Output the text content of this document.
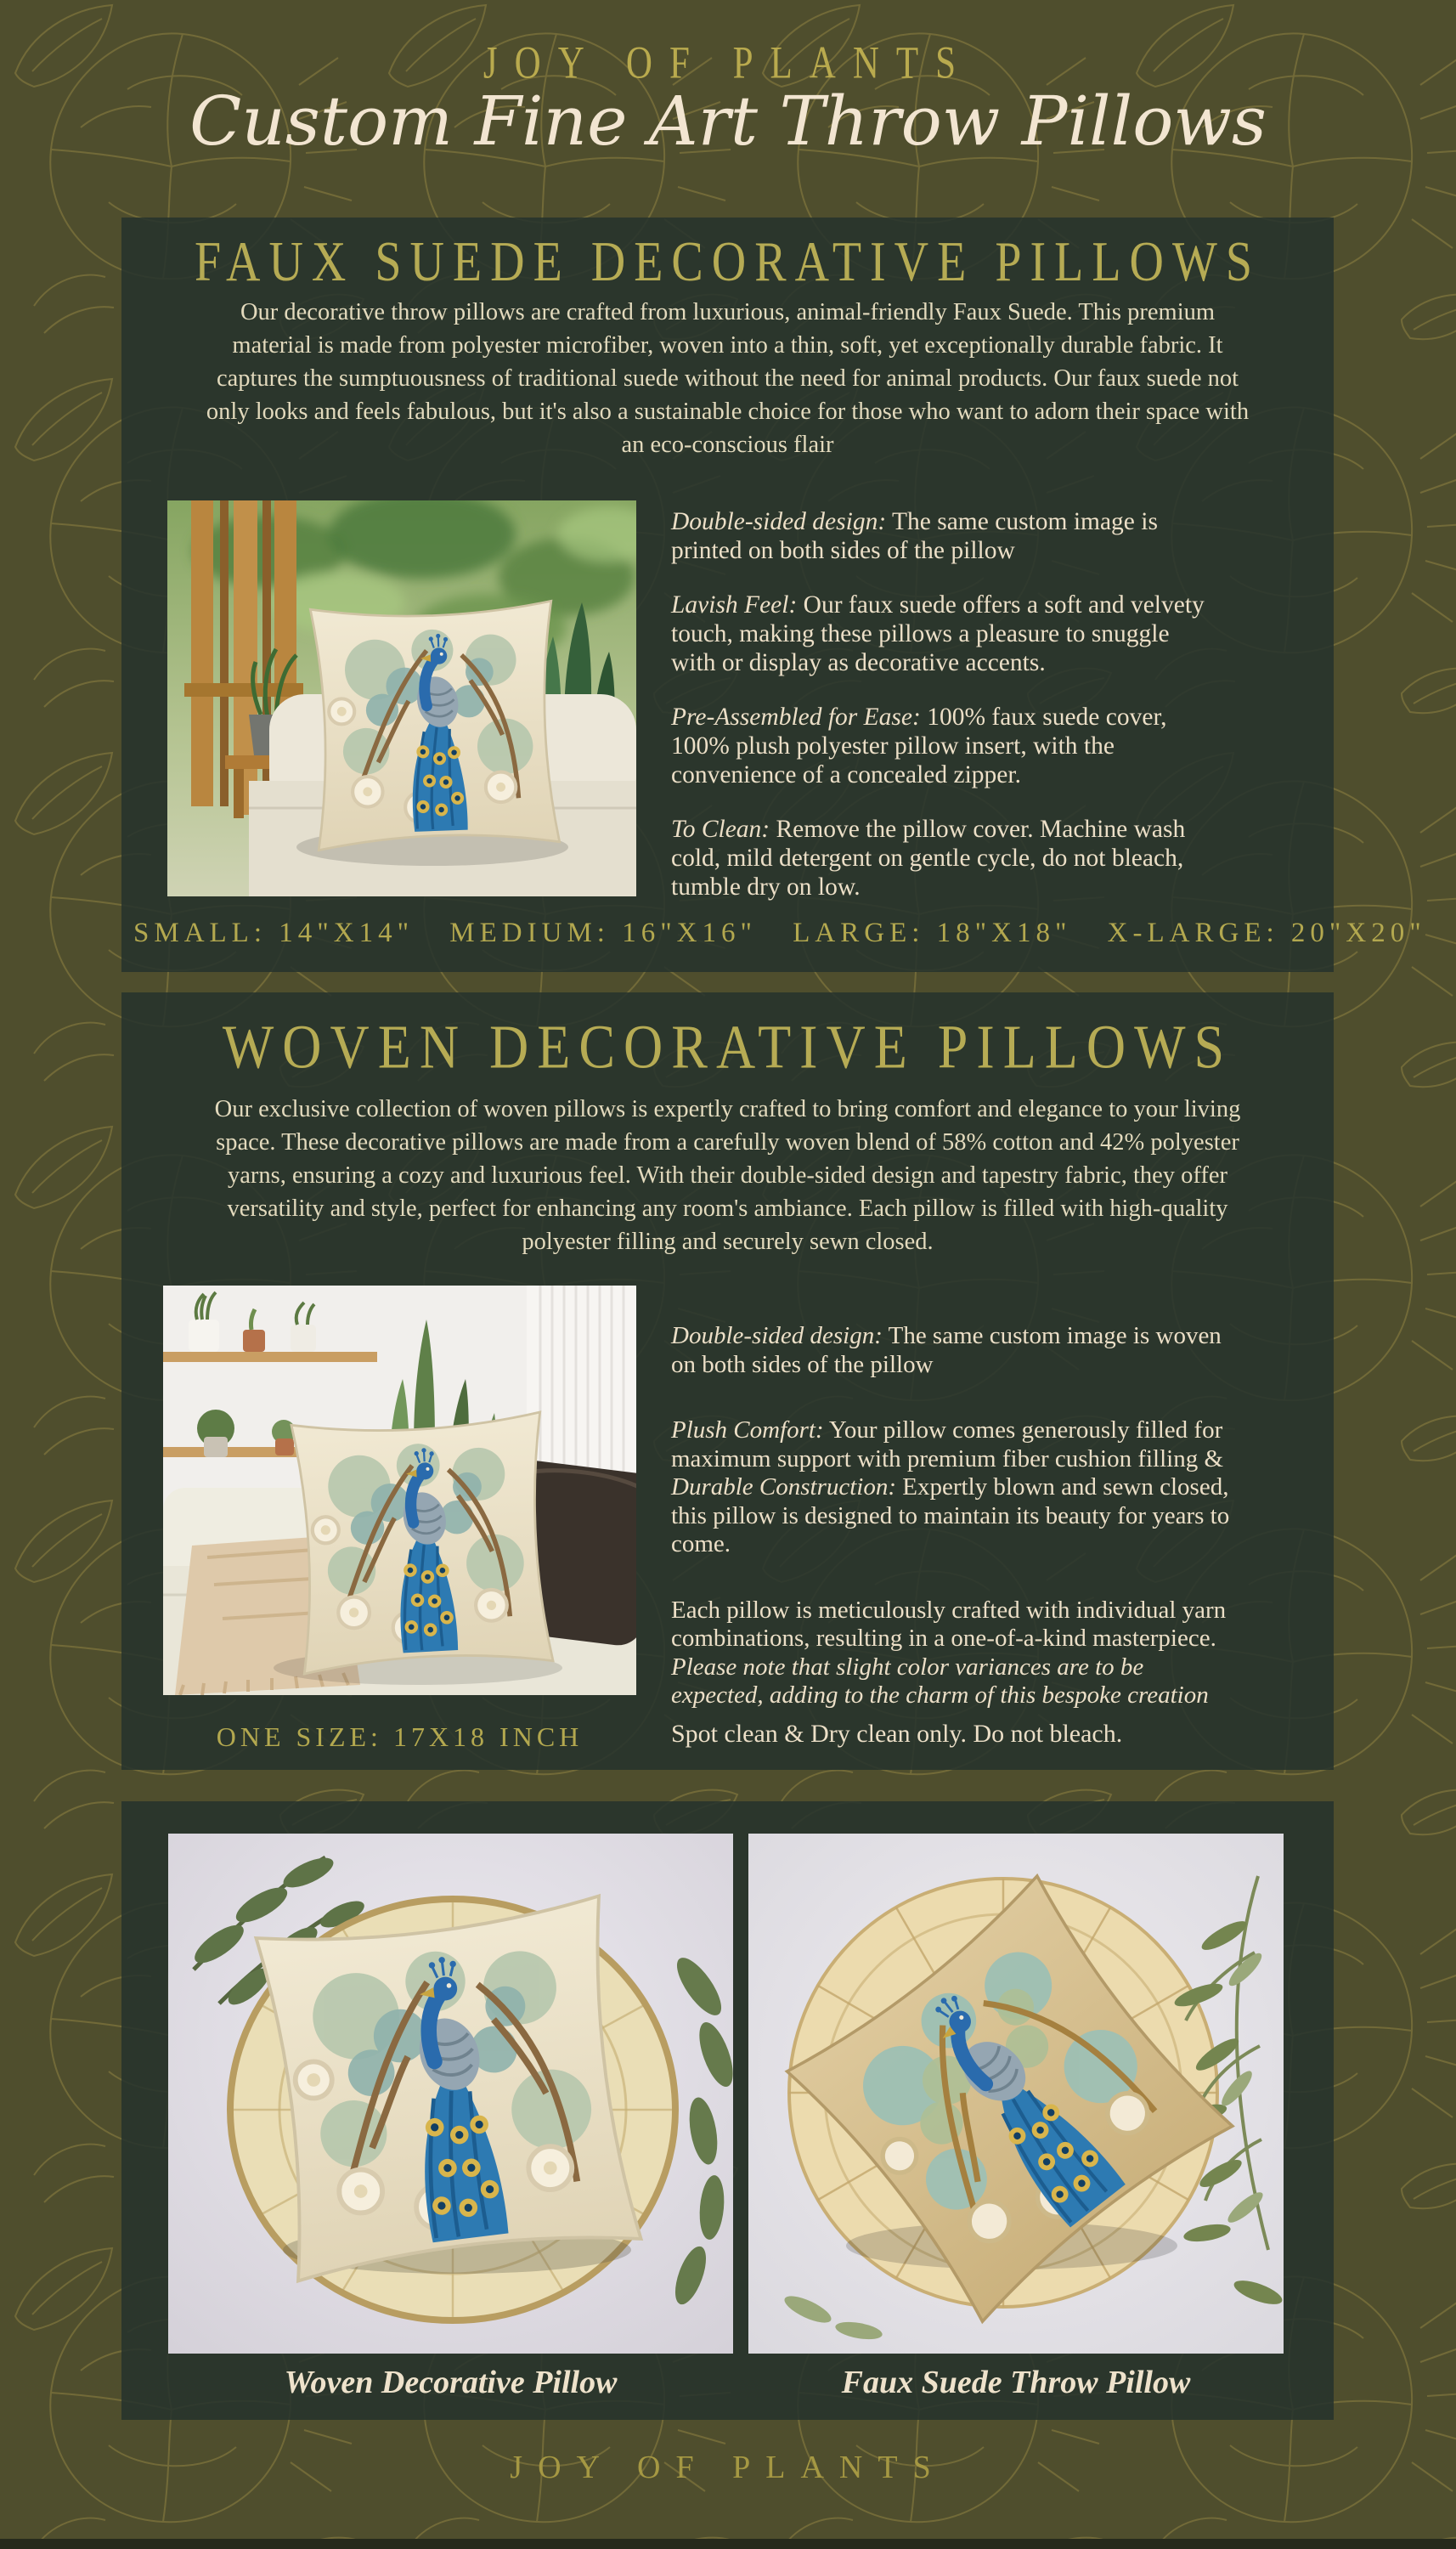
JOY OF PLANTS
Custom Fine Art Throw Pillows
FAUX SUEDE DECORATIVE PILLOWS
Our decorative throw pillows are crafted from luxurious, animal-friendly Faux Suede. This premium material is made from polyester microfiber, woven into a thin, soft, yet exceptionally durable fabric. It captures the sumptuousness of traditional suede without the need for animal products. Our faux suede not only looks and feels fabulous, but it's also a sustainable choice for those who want to adorn their space with an eco-conscious flair

Double-sided design: The same custom image is printed on both sides of the pillow

Lavish Feel: Our faux suede offers a soft and velvety touch, making these pillows a pleasure to snuggle with or display as decorative accents.

Pre-Assembled for Ease: 100% faux suede cover, 100% plush polyester pillow insert, with the convenience of a concealed zipper.

To Clean: Remove the pillow cover. Machine wash cold, mild detergent on gentle cycle, do not bleach, tumble dry on low.

SMALL: 14"X14" MEDIUM: 16"X16" LARGE: 18"X18" X-LARGE: 20"X20"
WOVEN DECORATIVE PILLOWS
Our exclusive collection of woven pillows is expertly crafted to bring comfort and elegance to your living space. These decorative pillows are made from a carefully woven blend of 58% cotton and 42% polyester yarns, ensuring a cozy and luxurious feel. With their double-sided design and tapestry fabric, they offer versatility and style, perfect for enhancing any room's ambiance. Each pillow is filled with high-quality polyester filling and securely sewn closed.

Double-sided design: The same custom image is woven on both sides of the pillow

Plush Comfort: Your pillow comes generously filled for maximum support with premium fiber cushion filling & Durable Construction: Expertly blown and sewn closed, this pillow is designed to maintain its beauty for years to come.

Each pillow is meticulously crafted with individual yarn combinations, resulting in a one-of-a-kind masterpiece. Please note that slight color variances are to be expected, adding to the charm of this bespoke creation

ONE SIZE: 17X18 INCH	Spot clean & Dry clean only. Do not bleach.
Woven Decorative Pillow	Faux Suede Throw Pillow
JOY OF PLANTS
